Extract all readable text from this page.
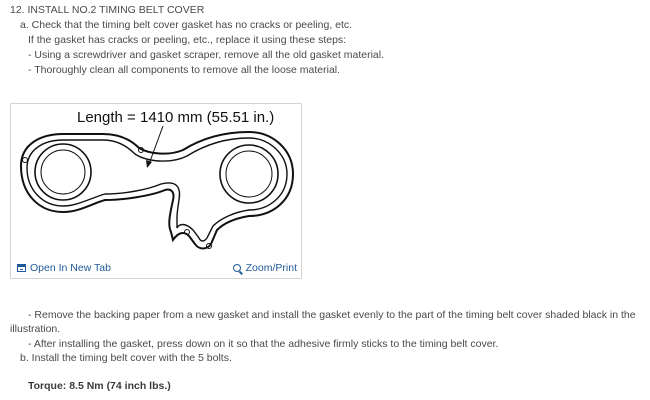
12. INSTALL NO.2 TIMING BELT COVER
a. Check that the timing belt cover gasket has no cracks or peeling, etc.
If the gasket has cracks or peeling, etc., replace it using these steps:
- Using a screwdriver and gasket scraper, remove all the old gasket material.
- Thoroughly clean all components to remove all the loose material.
Length = 1410 mm (55.51 in.)
Open In New Tab	Zoom/Print
- Remove the backing paper from a new gasket and install the gasket evenly to the part of the timing belt cover shaded black in the
illustration.
- After installing the gasket, press down on it so that the adhesive firmly sticks to the timing belt cover.
b. Install the timing belt cover with the 5 bolts.
Torque: 8.5 Nm (74 inch lbs.)
